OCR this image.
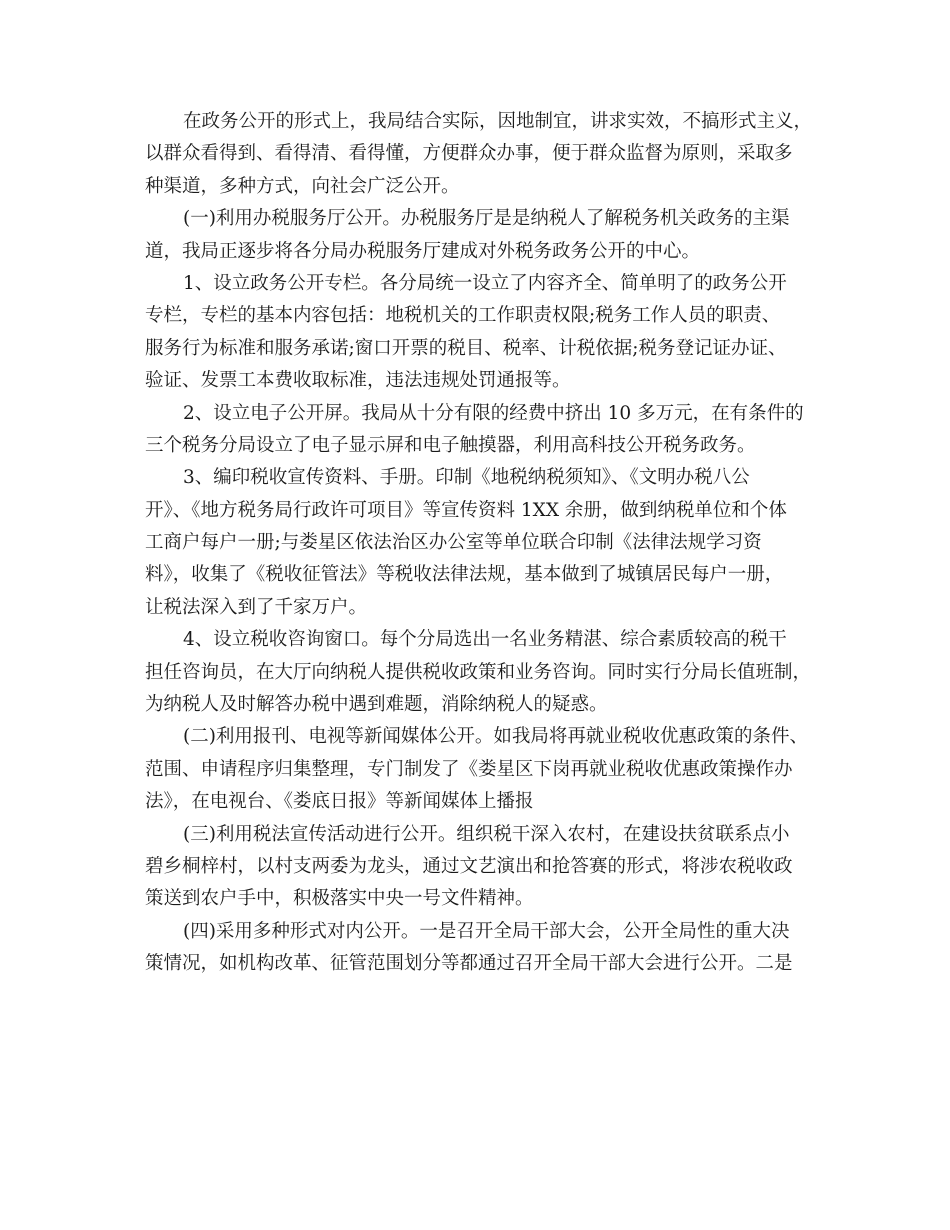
在政务公开的形式上，我局结合实际，因地制宜，讲求实效，不搞形式主义，
以群众看得到、看得清、看得懂，方便群众办事，便于群众监督为原则，采取多
种渠道，多种方式，向社会广泛公开。
(一)利用办税服务厅公开。办税服务厅是是纳税人了解税务机关政务的主渠
道，我局正逐步将各分局办税服务厅建成对外税务政务公开的中心。
1、设立政务公开专栏。各分局统一设立了内容齐全、简单明了的政务公开
专栏，专栏的基本内容包括：地税机关的工作职责权限;税务工作人员的职责、
服务行为标准和服务承诺;窗口开票的税目、税率、计税依据;税务登记证办证、
验证、发票工本费收取标准，违法违规处罚通报等。
2、设立电子公开屏。我局从十分有限的经费中挤出 10 多万元，在有条件的
三个税务分局设立了电子显示屏和电子触摸器，利用高科技公开税务政务。
3、编印税收宣传资料、手册。印制《地税纳税须知》、《文明办税八公
开》、《地方税务局行政许可项目》等宣传资料 1XX 余册，做到纳税单位和个体
工商户每户一册;与娄星区依法治区办公室等单位联合印制《法律法规学习资
料》，收集了《税收征管法》等税收法律法规，基本做到了城镇居民每户一册，
让税法深入到了千家万户。
4、设立税收咨询窗口。每个分局选出一名业务精湛、综合素质较高的税干
担任咨询员，在大厅向纳税人提供税收政策和业务咨询。同时实行分局长值班制，
为纳税人及时解答办税中遇到难题，消除纳税人的疑惑。
(二)利用报刊、电视等新闻媒体公开。如我局将再就业税收优惠政策的条件、
范围、申请程序归集整理，专门制发了《娄星区下岗再就业税收优惠政策操作办
法》，在电视台、《娄底日报》等新闻媒体上播报
(三)利用税法宣传活动进行公开。组织税干深入农村，在建设扶贫联系点小
碧乡桐梓村，以村支两委为龙头，通过文艺演出和抢答赛的形式，将涉农税收政
策送到农户手中，积极落实中央一号文件精神。
(四)采用多种形式对内公开。一是召开全局干部大会，公开全局性的重大决
策情况，如机构改革、征管范围划分等都通过召开全局干部大会进行公开。二是
